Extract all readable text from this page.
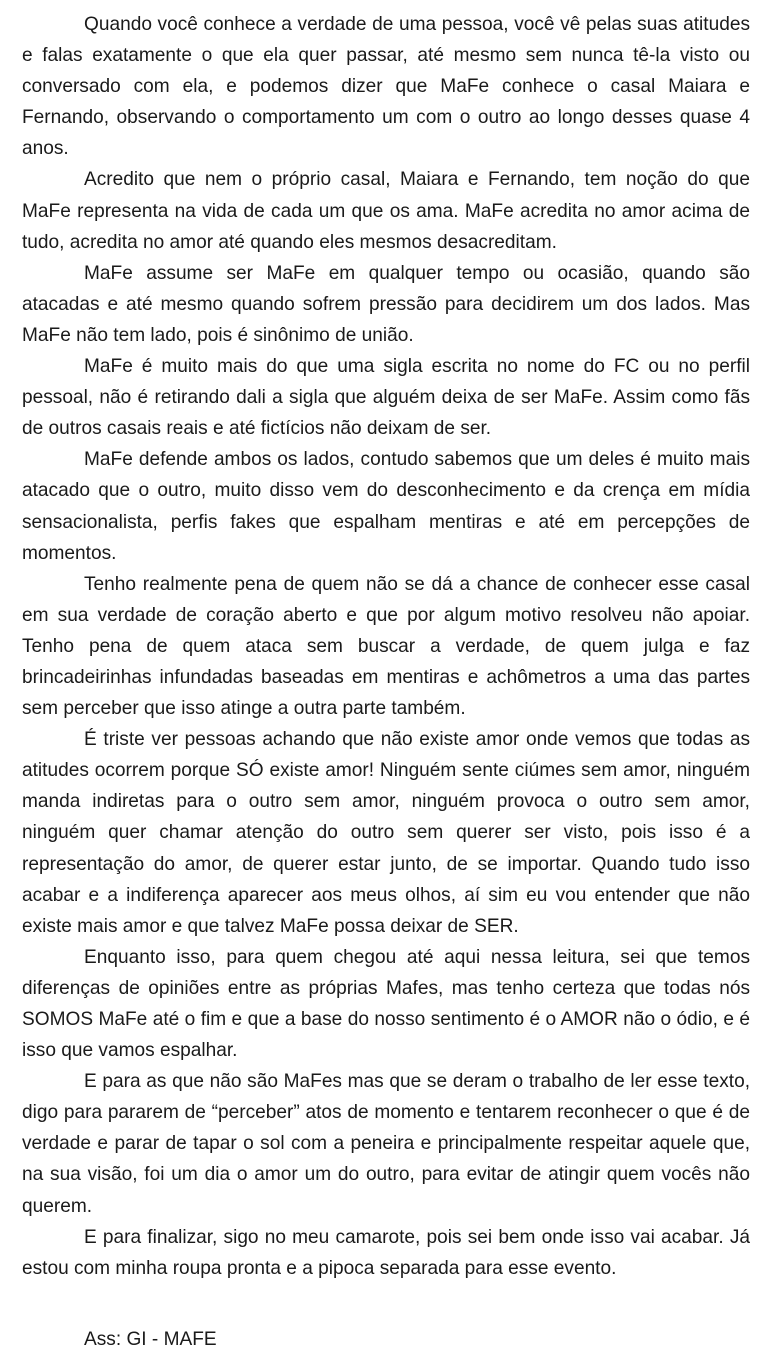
Quando você conhece a verdade de uma pessoa, você vê pelas suas atitudes e falas exatamente o que ela quer passar, até mesmo sem nunca tê-la visto ou conversado com ela, e podemos dizer que MaFe conhece o casal Maiara e Fernando, observando o comportamento um com o outro ao longo desses quase 4 anos.

Acredito que nem o próprio casal, Maiara e Fernando, tem noção do que MaFe representa na vida de cada um que os ama. MaFe acredita no amor acima de tudo, acredita no amor até quando eles mesmos desacreditam.

MaFe assume ser MaFe em qualquer tempo ou ocasião, quando são atacadas e até mesmo quando sofrem pressão para decidirem um dos lados. Mas MaFe não tem lado, pois é sinônimo de união.

MaFe é muito mais do que uma sigla escrita no nome do FC ou no perfil pessoal, não é retirando dali a sigla que alguém deixa de ser MaFe. Assim como fãs de outros casais reais e até fictícios não deixam de ser.

MaFe defende ambos os lados, contudo sabemos que um deles é muito mais atacado que o outro, muito disso vem do desconhecimento e da crença em mídia sensacionalista, perfis fakes que espalham mentiras e até em percepções de momentos.

Tenho realmente pena de quem não se dá a chance de conhecer esse casal em sua verdade de coração aberto e que por algum motivo resolveu não apoiar. Tenho pena de quem ataca sem buscar a verdade, de quem julga e faz brincadeirinhas infundadas baseadas em mentiras e achômetros a uma das partes sem perceber que isso atinge a outra parte também.

É triste ver pessoas achando que não existe amor onde vemos que todas as atitudes ocorrem porque SÓ existe amor! Ninguém sente ciúmes sem amor, ninguém manda indiretas para o outro sem amor, ninguém provoca o outro sem amor, ninguém quer chamar atenção do outro sem querer ser visto, pois isso é a representação do amor, de querer estar junto, de se importar. Quando tudo isso acabar e a indiferença aparecer aos meus olhos, aí sim eu vou entender que não existe mais amor e que talvez MaFe possa deixar de SER.

Enquanto isso, para quem chegou até aqui nessa leitura, sei que temos diferenças de opiniões entre as próprias Mafes, mas tenho certeza que todas nós SOMOS MaFe até o fim e que a base do nosso sentimento é o AMOR não o ódio, e é isso que vamos espalhar.

E para as que não são MaFes mas que se deram o trabalho de ler esse texto, digo para pararem de “perceber” atos de momento e tentarem reconhecer o que é de verdade e parar de tapar o sol com a peneira e principalmente respeitar aquele que, na sua visão, foi um dia o amor um do outro, para evitar de atingir quem vocês não querem.

E para finalizar, sigo no meu camarote, pois sei bem onde isso vai acabar. Já estou com minha roupa pronta e a pipoca separada para esse evento.

Ass: GI - MAFE
